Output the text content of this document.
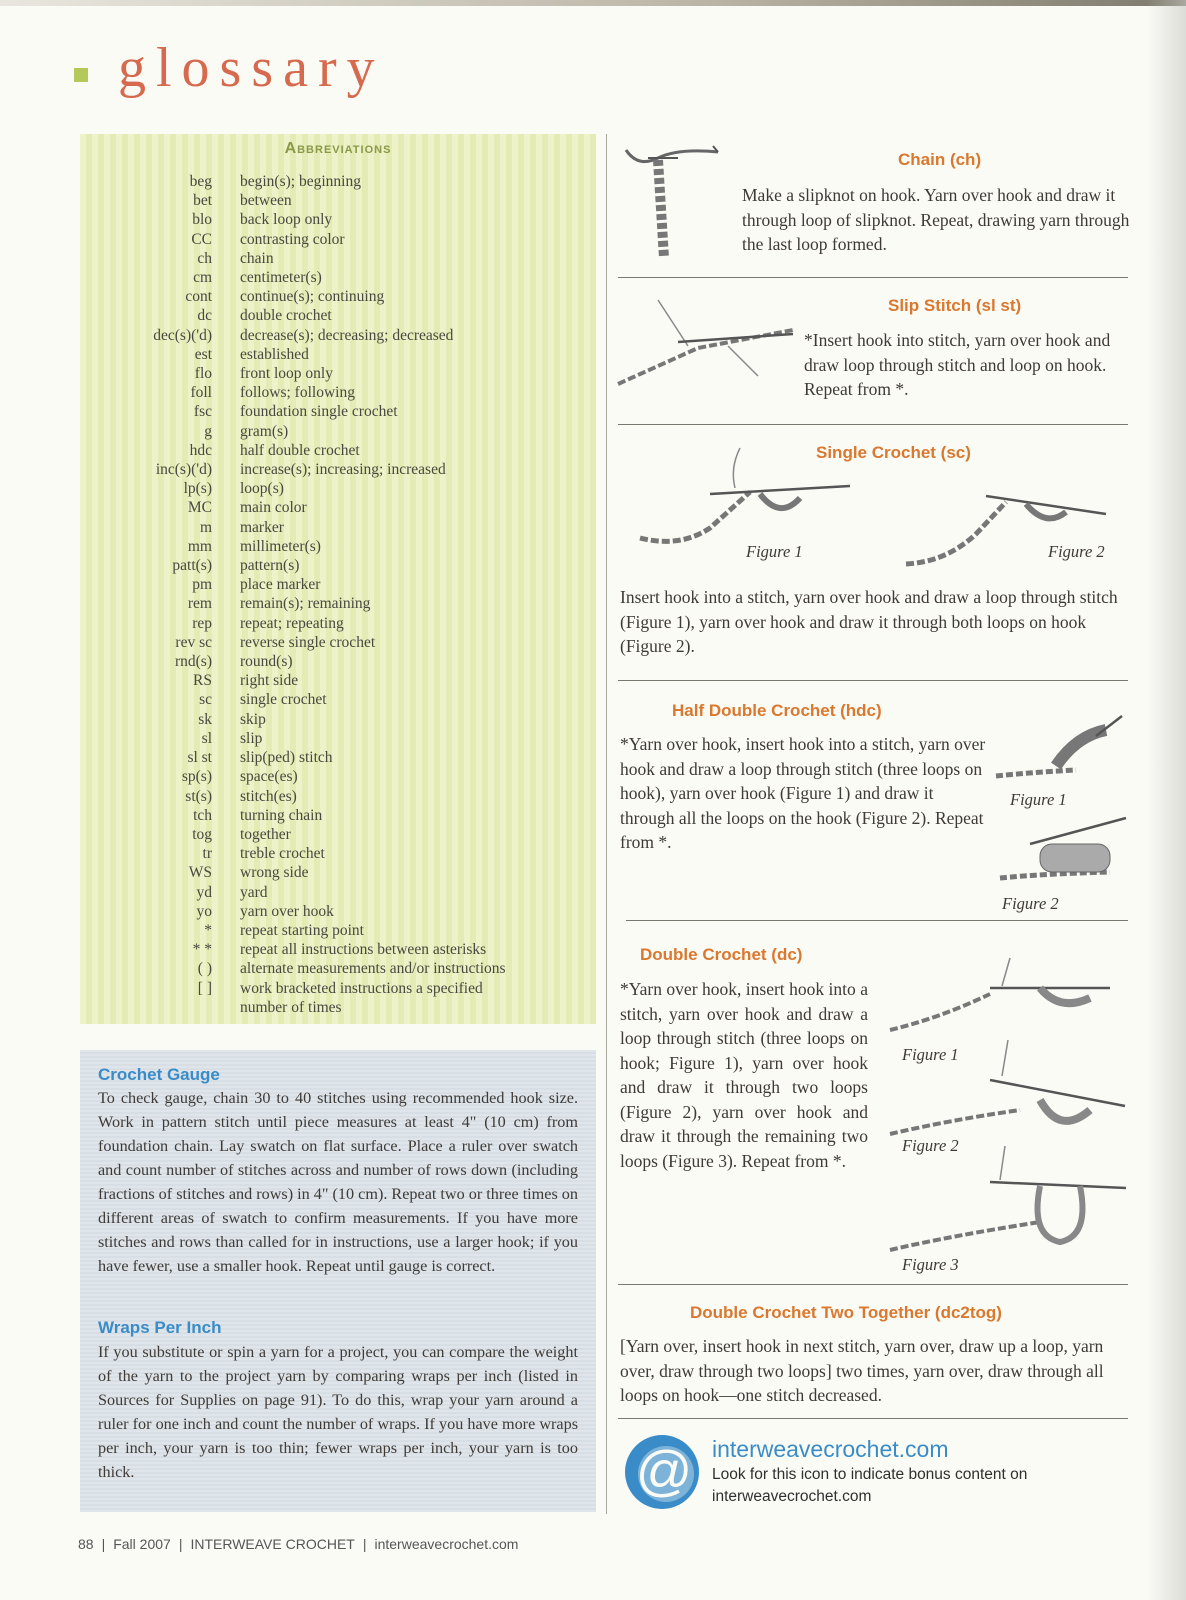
glossary
Abbreviations
beg	begin(s); beginning
bet	between
blo	back loop only
CC	contrasting color
ch	chain
cm	centimeter(s)
cont	continue(s); continuing
dc	double crochet
dec(s)('d)	decrease(s); decreasing; decreased
est	established
flo	front loop only
foll	follows; following
fsc	foundation single crochet
g	gram(s)
hdc	half double crochet
inc(s)('d)	increase(s); increasing; increased
lp(s)	loop(s)
MC	main color
m	marker
mm	millimeter(s)
patt(s)	pattern(s)
pm	place marker
rem	remain(s); remaining
rep	repeat; repeating
rev sc	reverse single crochet
rnd(s)	round(s)
RS	right side
sc	single crochet
sk	skip
sl	slip
sl st	slip(ped) stitch
sp(s)	space(es)
st(s)	stitch(es)
tch	turning chain
tog	together
tr	treble crochet
WS	wrong side
yd	yard
yo	yarn over hook
*	repeat starting point
* *	repeat all instructions between asterisks
( )	alternate measurements and/or instructions
[ ]	work bracketed instructions a specified
number of times
Crochet Gauge

To check gauge, chain 30 to 40 stitches using recommended hook size. Work in pattern stitch until piece measures at least 4" (10 cm) from foundation chain. Lay swatch on flat surface. Place a ruler over swatch and count number of stitches across and number of rows down (including fractions of stitches and rows) in 4" (10 cm). Repeat two or three times on different areas of swatch to confirm measurements. If you have more stitches and rows than called for in instructions, use a larger hook; if you have fewer, use a smaller hook. Repeat until gauge is correct.

Wraps Per Inch

If you substitute or spin a yarn for a project, you can compare the weight of the yarn to the project yarn by comparing wraps per inch (listed in Sources for Supplies on page 91). To do this, wrap your yarn around a ruler for one inch and count the number of wraps. If you have more wraps per inch, your yarn is too thin; fewer wraps per inch, your yarn is too thick.

Chain (ch)

Make a slipknot on hook. Yarn over hook and draw it through loop of slipknot. Repeat, drawing yarn through the last loop formed.

Slip Stitch (sl st)

*Insert hook into stitch, yarn over hook and draw loop through stitch and loop on hook. Repeat from *.

Single Crochet (sc)
Figure 1	Figure 2

Insert hook into a stitch, yarn over hook and draw a loop through stitch (Figure 1), yarn over hook and draw it through both loops on hook (Figure 2).

Half Double Crochet (hdc)

*Yarn over hook, insert hook into a stitch, yarn over hook and draw a loop through stitch (three loops on hook), yarn over hook (Figure 1) and draw it through all the loops on the hook (Figure 2). Repeat from *.

Figure 1
Figure 2
Double Crochet (dc)

*Yarn over hook, insert hook into a stitch, yarn over hook and draw a loop through stitch (three loops on hook; Figure 1), yarn over hook and draw it through two loops (Figure 2), yarn over hook and draw it through the remaining two loops (Figure 3). Repeat from *.

Figure 1
Figure 2
Figure 3
Double Crochet Two Together (dc2tog)

[Yarn over, insert hook in next stitch, yarn over, draw up a loop, yarn over, draw through two loops] two times, yarn over, draw through all loops on hook—one stitch decreased.

@ interweavecrochet.com
Look for this icon to indicate bonus content on interweavecrochet.com
88 | Fall 2007 | INTERWEAVE CROCHET | interweavecrochet.com
